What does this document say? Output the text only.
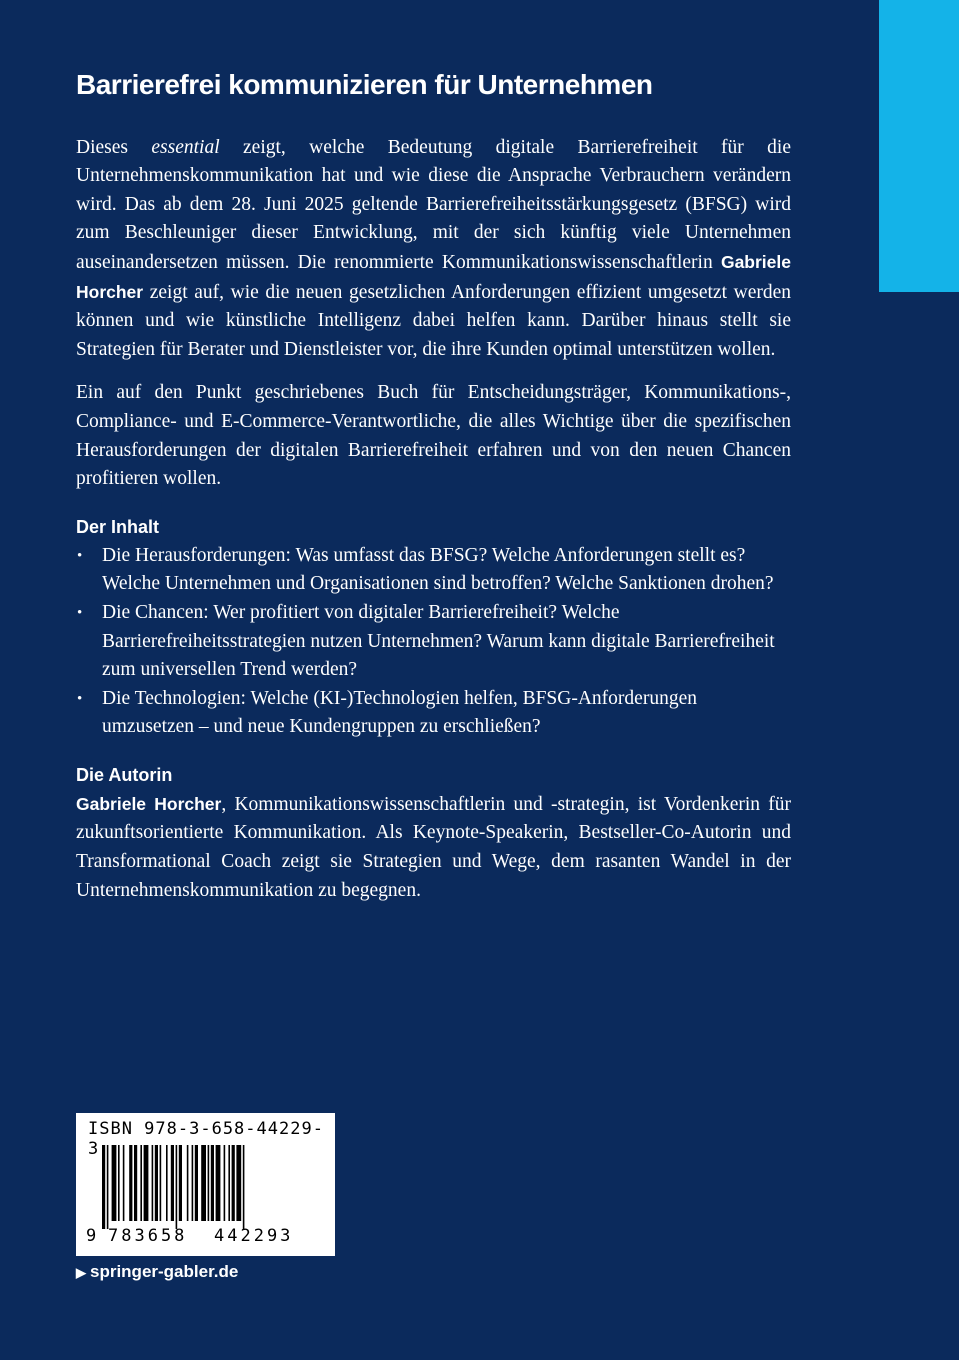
Barrierefrei kommunizieren für Unternehmen

Dieses essential zeigt, welche Bedeutung digitale Barrierefreiheit für die Unternehmenskommunikation hat und wie diese die Ansprache Verbrauchern verändern wird. Das ab dem 28. Juni 2025 geltende Barrierefreiheitsstärkungsgesetz (BFSG) wird zum Beschleuniger dieser Entwicklung, mit der sich künftig viele Unternehmen auseinandersetzen müssen. Die renommierte Kommunikationswissenschaftlerin Gabriele Horcher zeigt auf, wie die neuen gesetzlichen Anforderungen effizient umgesetzt werden können und wie künstliche Intelligenz dabei helfen kann. Darüber hinaus stellt sie Strategien für Berater und Dienstleister vor, die ihre Kunden optimal unterstützen wollen.

Ein auf den Punkt geschriebenes Buch für Entscheidungsträger, Kommunikations-, Compliance- und E-Commerce-Verantwortliche, die alles Wichtige über die spezifischen Herausforderungen der digitalen Barrierefreiheit erfahren und von den neuen Chancen profitieren wollen.

Der Inhalt
• Die Herausforderungen: Was umfasst das BFSG? Welche Anforderungen stellt es? Welche Unternehmen und Organisationen sind betroffen? Welche Sanktionen drohen?
• Die Chancen: Wer profitiert von digitaler Barrierefreiheit? Welche Barrierefreiheitsstrategien nutzen Unternehmen? Warum kann digitale Barrierefreiheit zum universellen Trend werden?
• Die Technologien: Welche (KI-)Technologien helfen, BFSG-Anforderungen umzusetzen – und neue Kundengruppen zu erschließen?
Die Autorin

Gabriele Horcher, Kommunikationswissenschaftlerin und -strategin, ist Vordenkerin für zukunftsorientierte Kommunikation. Als Keynote-Speakerin, Bestseller-Co-Autorin und Transformational Coach zeigt sie Strategien und Wege, dem rasanten Wandel in der Unternehmenskommunikation zu begegnen.

ISBN 978-3-658-44229-3
9 783658 442293
▶ springer-gabler.de
